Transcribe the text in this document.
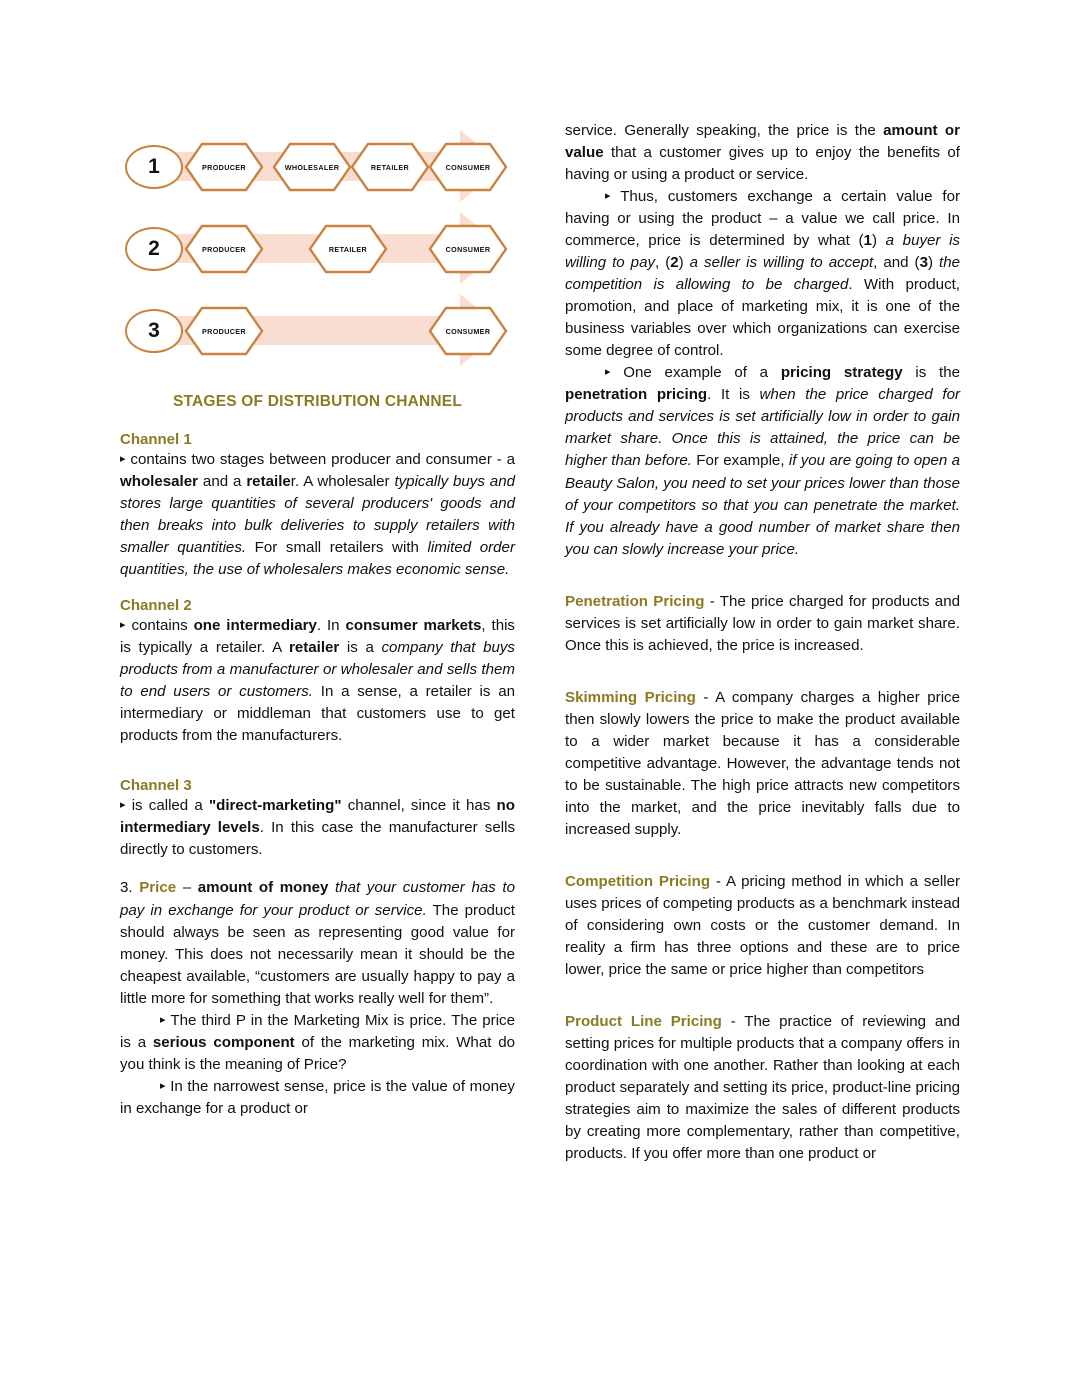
1	PRODUCER	WHOLESALER	RETAILER	CONSUMER
2	PRODUCER	RETAILER	CONSUMER
3	PRODUCER	CONSUMER
STAGES OF DISTRIBUTION CHANNEL
Channel 1

▸ contains two stages between producer and consumer - a wholesaler and a retailer. A wholesaler typically buys and stores large quantities of several producers' goods and then breaks into bulk deliveries to supply retailers with smaller quantities. For small retailers with limited order quantities, the use of wholesalers makes economic sense.

Channel 2

▸ contains one intermediary. In consumer markets, this is typically a retailer. A retailer is a company that buys products from a manufacturer or wholesaler and sells them to end users or customers. In a sense, a retailer is an intermediary or middleman that customers use to get products from the manufacturers.

Channel 3

▸ is called a "direct-marketing" channel, since it has no intermediary levels. In this case the manufacturer sells directly to customers.

3. Price – amount of money that your customer has to pay in exchange for your product or service. The product should always be seen as representing good value for money. This does not necessarily mean it should be the cheapest available, “customers are usually happy to pay a little more for something that works really well for them”.

▸ The third P in the Marketing Mix is price. The price is a serious component of the marketing mix. What do you think is the meaning of Price?

▸ In the narrowest sense, price is the value of money in exchange for a product or

service. Generally speaking, the price is the amount or value that a customer gives up to enjoy the benefits of having or using a product or service.

▸ Thus, customers exchange a certain value for having or using the product – a value we call price. In commerce, price is determined by what (1) a buyer is willing to pay, (2) a seller is willing to accept, and (3) the competition is allowing to be charged. With product, promotion, and place of marketing mix, it is one of the business variables over which organizations can exercise some degree of control.

▸ One example of a pricing strategy is the penetration pricing. It is when the price charged for products and services is set artificially low in order to gain market share. Once this is attained, the price can be higher than before. For example, if you are going to open a Beauty Salon, you need to set your prices lower than those of your competitors so that you can penetrate the market. If you already have a good number of market share then you can slowly increase your price.

Penetration Pricing - The price charged for products and services is set artificially low in order to gain market share. Once this is achieved, the price is increased.

Skimming Pricing - A company charges a higher price then slowly lowers the price to make the product available to a wider market because it has a considerable competitive advantage. However, the advantage tends not to be sustainable. The high price attracts new competitors into the market, and the price inevitably falls due to increased supply.

Competition Pricing - A pricing method in which a seller uses prices of competing products as a benchmark instead of considering own costs or the customer demand. In reality a firm has three options and these are to price lower, price the same or price higher than competitors

Product Line Pricing - The practice of reviewing and setting prices for multiple products that a company offers in coordination with one another. Rather than looking at each product separately and setting its price, product-line pricing strategies aim to maximize the sales of different products by creating more complementary, rather than competitive, products. If you offer more than one product or
